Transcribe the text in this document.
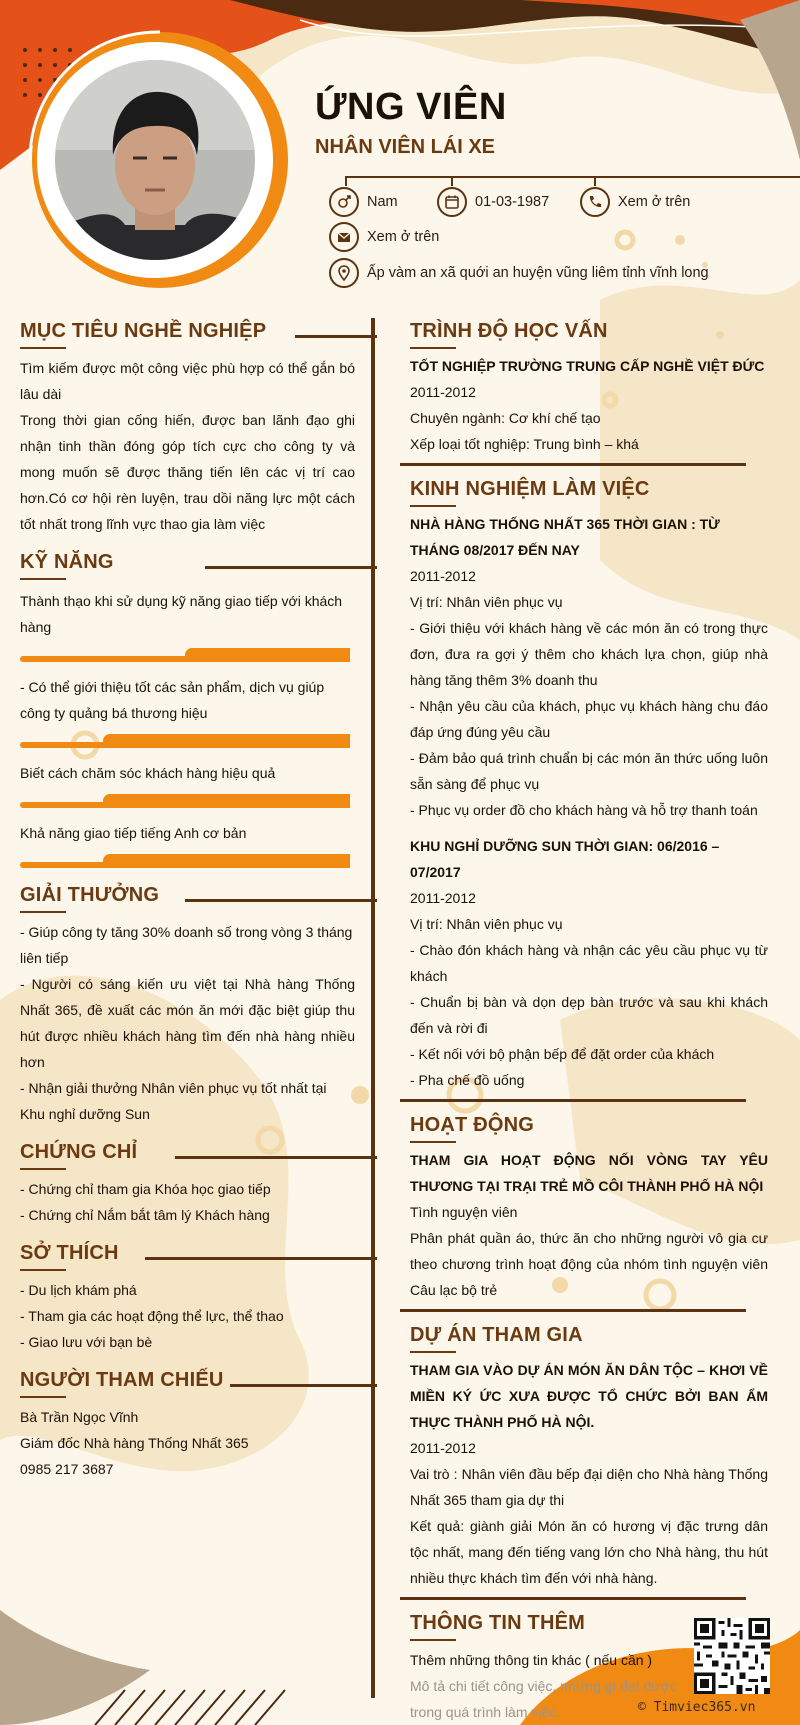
ỨNG VIÊN
NHÂN VIÊN LÁI XE
Nam	01-03-1987	Xem ở trên
Xem ở trên
Ấp vàm an xã quới an huyện vũng liêm tỉnh vĩnh long
MỤC TIÊU NGHỀ NGHIỆP
Tìm kiếm được một công việc phù hợp có thể gắn bó lâu dài
Trong thời gian cống hiến, được ban lãnh đạo ghi nhận tinh thần đóng góp tích cực cho công ty và mong muốn sẽ được thăng tiến lên các vị trí cao hơn.Có cơ hội rèn luyện, trau dồi năng lực một cách tốt nhất trong lĩnh vực thao gia làm việc
KỸ NĂNG
Thành thạo khi sử dụng kỹ năng giao tiếp với khách hàng
- Có thể giới thiệu tốt các sản phẩm, dịch vụ giúp công ty quảng bá thương hiệu
Biết cách chăm sóc khách hàng hiệu quả
Khả năng giao tiếp tiếng Anh cơ bản
GIẢI THƯỞNG
- Giúp công ty tăng 30% doanh số trong vòng 3 tháng liên tiếp
- Người có sáng kiến ưu việt tại Nhà hàng Thống Nhất 365, đề xuất các món ăn mới đặc biệt giúp thu hút được nhiều khách hàng tìm đến nhà hàng nhiều hơn
- Nhận giải thưởng Nhân viên phục vụ tốt nhất tại Khu nghỉ dưỡng Sun
CHỨNG CHỈ
- Chứng chỉ tham gia Khóa học giao tiếp
- Chứng chỉ Nắm bắt tâm lý Khách hàng
SỞ THÍCH
- Du lịch khám phá
- Tham gia các hoạt động thể lực, thể thao
- Giao lưu với bạn bè
NGƯỜI THAM CHIẾU
Bà Trần Ngọc Vĩnh
Giám đốc Nhà hàng Thống Nhất 365
0985 217 3687
TRÌNH ĐỘ HỌC VẤN
TỐT NGHIỆP TRƯỜNG TRUNG CẤP NGHỀ VIỆT ĐỨC
2011-2012
Chuyên ngành: Cơ khí chế tạo
Xếp loại tốt nghiệp: Trung bình – khá
KINH NGHIỆM LÀM VIỆC
NHÀ HÀNG THỐNG NHẤT 365 THỜI GIAN : TỪ THÁNG 08/2017 ĐẾN NAY
2011-2012
Vị trí: Nhân viên phục vụ
- Giới thiệu với khách hàng về các món ăn có trong thực đơn, đưa ra gợi ý thêm cho khách lựa chọn, giúp nhà hàng tăng thêm 3% doanh thu
- Nhận yêu cầu của khách, phục vụ khách hàng chu đáo đáp ứng đúng yêu cầu
- Đảm bảo quá trình chuẩn bị các món ăn thức uống luôn sẵn sàng để phục vụ
- Phục vụ order đồ cho khách hàng và hỗ trợ thanh toán
KHU NGHỈ DƯỠNG SUN THỜI GIAN: 06/2016 – 07/2017
2011-2012
Vị trí: Nhân viên phục vụ
- Chào đón khách hàng và nhận các yêu cầu phục vụ từ khách
- Chuẩn bị bàn và dọn dẹp bàn trước và sau khi khách đến và rời đi
- Kết nối với bộ phận bếp để đặt order của khách
- Pha chế đồ uống
HOẠT ĐỘNG
THAM GIA HOẠT ĐỘNG NỐI VÒNG TAY YÊU THƯƠNG TẠI TRẠI TRẺ MỒ CÔI THÀNH PHỐ HÀ NỘI
Tình nguyện viên
Phân phát quần áo, thức ăn cho những người vô gia cư theo chương trình hoạt động của nhóm tình nguyện viên Câu lạc bộ trẻ
DỰ ÁN THAM GIA
THAM GIA VÀO DỰ ÁN MÓN ĂN DÂN TỘC – KHƠI VỀ MIỀN KÝ ỨC XƯA ĐƯỢC TỔ CHỨC BỞI BAN ẨM THỰC THÀNH PHỐ HÀ NỘI.
2011-2012
Vai trò : Nhân viên đầu bếp đại diện cho Nhà hàng Thống Nhất 365 tham gia dự thi
Kết quả: giành giải Món ăn có hương vị đặc trưng dân tộc nhất, mang đến tiếng vang lớn cho Nhà hàng, thu hút nhiều thực khách tìm đến với nhà hàng.
THÔNG TIN THÊM
Thêm những thông tin khác ( nếu cần )
Mô tả chi tiết công việc, những gì đạt được trong quá trình làm việc.	© Timviec365.vn
